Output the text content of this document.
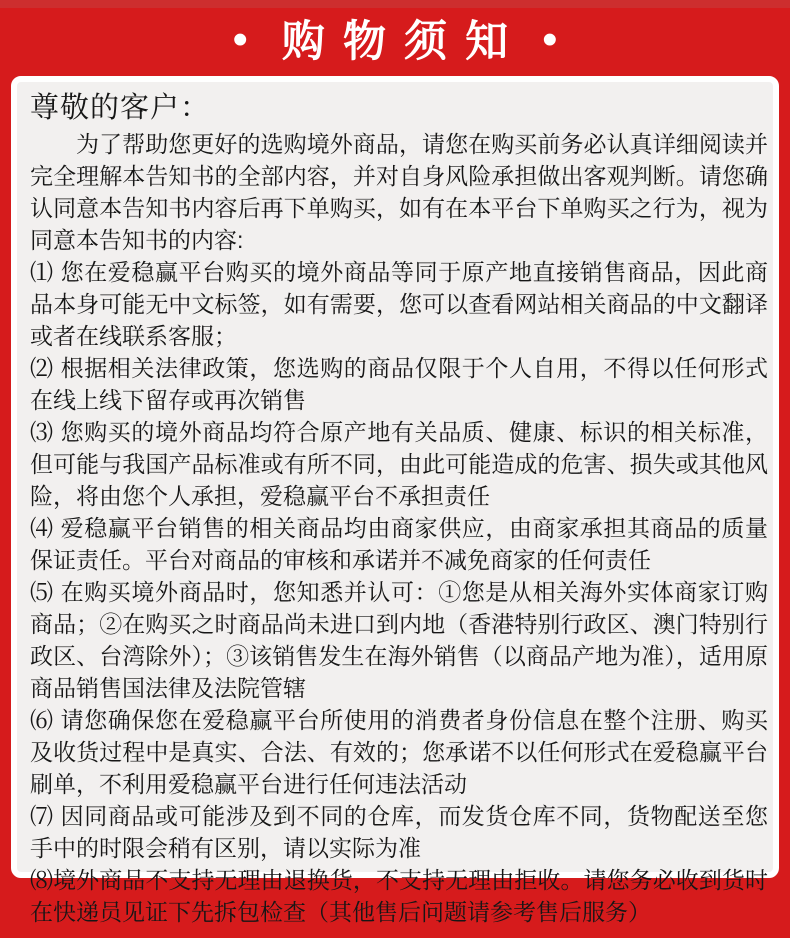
• 购物须知 •
尊敬的客户：

为了帮助您更好的选购境外商品，请您在购买前务必认真详细阅读并完全理解本告知书的全部内容，并对自身风险承担做出客观判断。请您确认同意本告知书内容后再下单购买，如有在本平台下单购买之行为，视为同意本告知书的内容:

⑴ 您在爱稳赢平台购买的境外商品等同于原产地直接销售商品，因此商品本身可能无中文标签，如有需要，您可以查看网站相关商品的中文翻译或者在线联系客服；

⑵ 根据相关法律政策，您选购的商品仅限于个人自用，不得以任何形式在线上线下留存或再次销售

⑶ 您购买的境外商品均符合原产地有关品质、健康、标识的相关标准，但可能与我国产品标准或有所不同，由此可能造成的危害、损失或其他风险，将由您个人承担，爱稳赢平台不承担责任

⑷ 爱稳赢平台销售的相关商品均由商家供应，由商家承担其商品的质量保证责任。平台对商品的审核和承诺并不减免商家的任何责任

⑸ 在购买境外商品时，您知悉并认可：①您是从相关海外实体商家订购商品；②在购买之时商品尚未进口到内地（香港特别行政区、澳门特别行政区、台湾除外）；③该销售发生在海外销售（以商品产地为准），适用原商品销售国法律及法院管辖

⑹ 请您确保您在爱稳赢平台所使用的消费者身份信息在整个注册、购买及收货过程中是真实、合法、有效的；您承诺不以任何形式在爱稳赢平台刷单，不利用爱稳赢平台进行任何违法活动

⑺ 因同商品或可能涉及到不同的仓库，而发货仓库不同，货物配送至您手中的时限会稍有区别，请以实际为准

⑻境外商品不支持无理由退换货，不支持无理由拒收。请您务必收到货时在快递员见证下先拆包检查（其他售后问题请参考售后服务）
